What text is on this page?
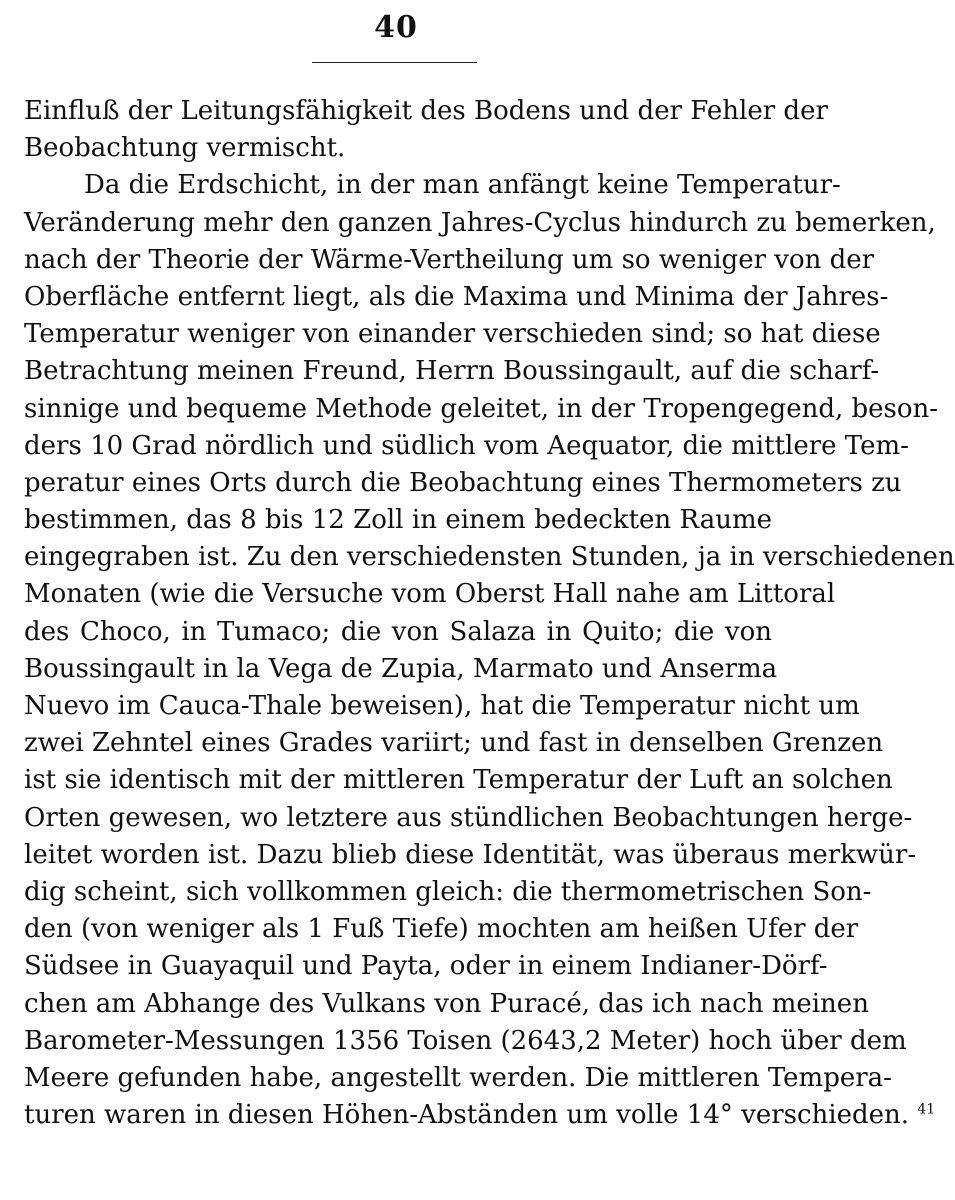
40
Einfluß der Leitungsfähigkeit des Bodens und der Fehler der
Beobachtung vermischt.
Da die Erdschicht, in der man anfängt keine Temperatur-
Veränderung mehr den ganzen Jahres-Cyclus hindurch zu bemerken,
nach der Theorie der Wärme-Vertheilung um so weniger von der
Oberfläche entfernt liegt, als die Maxima und Minima der Jahres-
Temperatur weniger von einander verschieden sind; so hat diese
Betrachtung meinen Freund, Herrn Boussingault, auf die scharf-
sinnige und bequeme Methode geleitet, in der Tropengegend, beson-
ders 10 Grad nördlich und südlich vom Aequator, die mittlere Tem-
peratur eines Orts durch die Beobachtung eines Thermometers zu
bestimmen, das 8 bis 12 Zoll in einem bedeckten Raume
eingegraben ist. Zu den verschiedensten Stunden, ja in verschiedenen
Monaten (wie die Versuche vom Oberst Hall nahe am Littoral
des Choco, in Tumaco; die von Salaza in Quito; die von
Boussingault in la Vega de Zupia, Marmato und Anserma
Nuevo im Cauca-Thale beweisen), hat die Temperatur nicht um
zwei Zehntel eines Grades variirt; und fast in denselben Grenzen
ist sie identisch mit der mittleren Temperatur der Luft an solchen
Orten gewesen, wo letztere aus stündlichen Beobachtungen herge-
leitet worden ist. Dazu blieb diese Identität, was überaus merkwür-
dig scheint, sich vollkommen gleich: die thermometrischen Son-
den (von weniger als 1 Fuß Tiefe) mochten am heißen Ufer der
Südsee in Guayaquil und Payta, oder in einem Indianer-Dörf-
chen am Abhange des Vulkans von Puracé, das ich nach meinen
Barometer-Messungen 1356 Toisen (2643,2 Meter) hoch über dem
Meere gefunden habe, angestellt werden. Die mittleren Tempera-
turen waren in diesen Höhen-Abständen um volle 14° verschieden. $^{41}$
